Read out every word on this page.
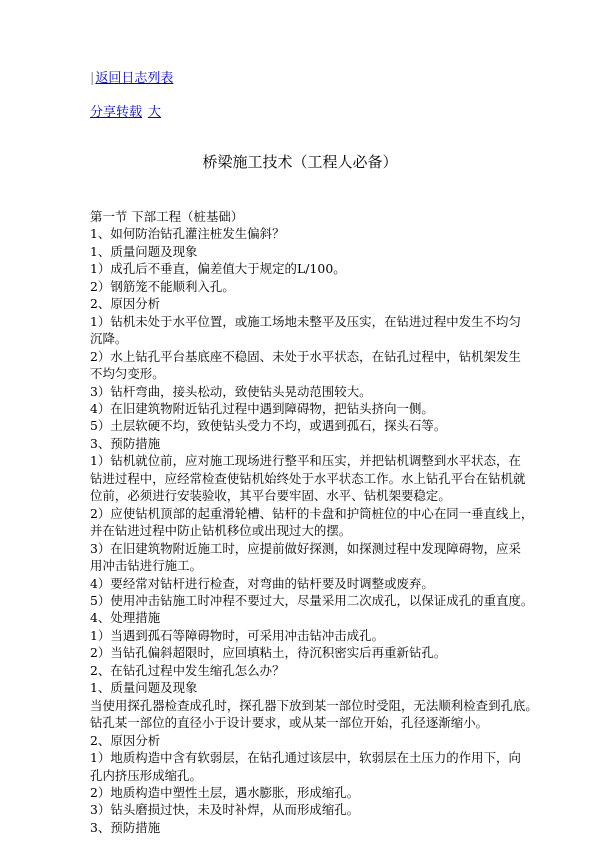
|返回日志列表
分享转载 大
桥梁施工技术（工程人必备）

第一节 下部工程（桩基础）

1、如何防治钻孔灌注桩发生偏斜？

1、质量问题及现象

1）成孔后不垂直，偏差值大于规定的L/100。

2）钢筋笼不能顺利入孔。

2、原因分析

1）钻机未处于水平位置，或施工场地未整平及压实，在钻进过程中发生不均匀

沉降。

2）水上钻孔平台基底座不稳固、未处于水平状态，在钻孔过程中，钻机架发生

不均匀变形。

3）钻杆弯曲，接头松动，致使钻头晃动范围较大。

4）在旧建筑物附近钻孔过程中遇到障碍物，把钻头挤向一侧。

5）土层软硬不均，致使钻头受力不均，或遇到孤石，探头石等。

3、预防措施

1）钻机就位前，应对施工现场进行整平和压实，并把钻机调整到水平状态，在

钻进过程中，应经常检查使钻机始终处于水平状态工作。水上钻孔平台在钻机就

位前，必须进行安装验收，其平台要牢固、水平、钻机架要稳定。

2）应使钻机顶部的起重滑轮槽、钻杆的卡盘和护筒桩位的中心在同一垂直线上，

并在钻进过程中防止钻机移位或出现过大的摆。

3）在旧建筑物附近施工时，应提前做好探测，如探测过程中发现障碍物，应采

用冲击钻进行施工。

4）要经常对钻杆进行检查，对弯曲的钻杆要及时调整或废弃。

5）使用冲击钻施工时冲程不要过大，尽量采用二次成孔，以保证成孔的重直度。

4、处理措施

1）当遇到孤石等障碍物时，可采用冲击钻冲击成孔。

2）当钻孔偏斜超限时，应回填粘土，待沉积密实后再重新钻孔。

2、在钻孔过程中发生缩孔怎么办？

1、质量问题及现象

当使用探孔器检查成孔时，探孔器下放到某一部位时受阻，无法顺利检查到孔底。

钻孔某一部位的直径小于设计要求，或从某一部位开始，孔径逐渐缩小。

2、原因分析

1）地质构造中含有软弱层，在钻孔通过该层中，软弱层在土压力的作用下，向

孔内挤压形成缩孔。

2）地质构造中塑性土层，遇水膨胀，形成缩孔。

3）钻头磨损过快，未及时补焊，从而形成缩孔。

3、预防措施
